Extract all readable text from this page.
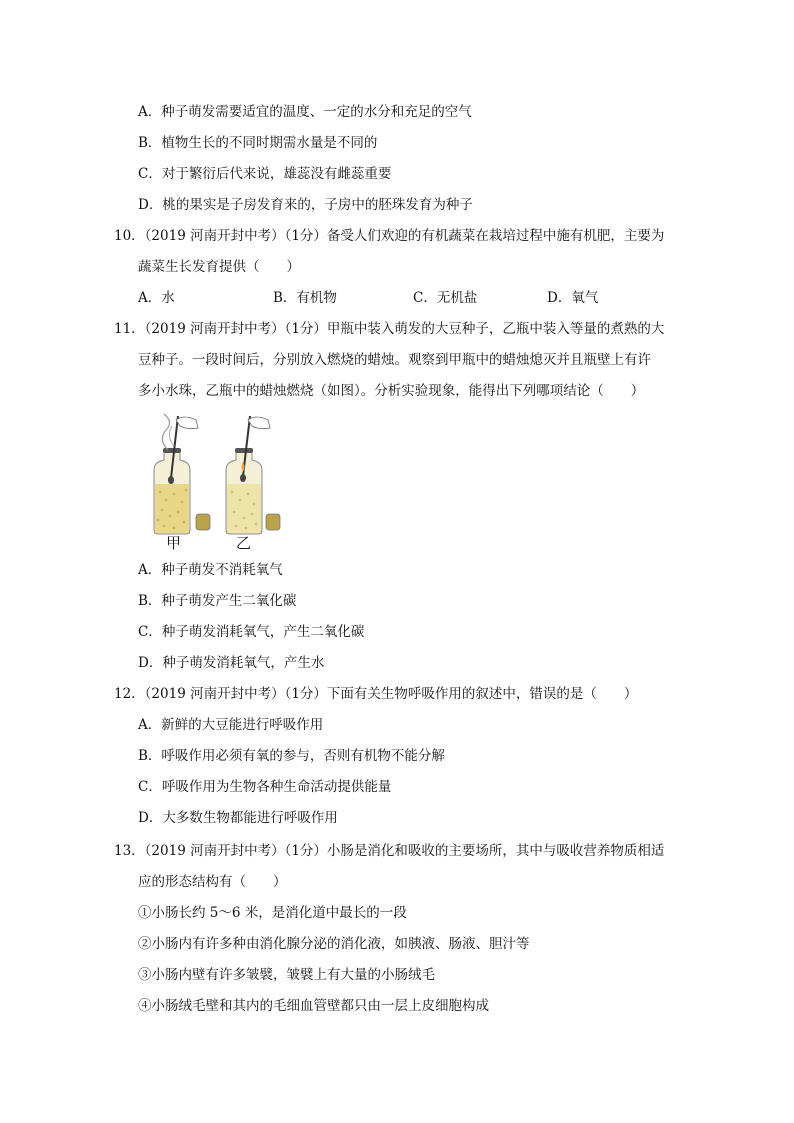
A．种子萌发需要适宜的温度、一定的水分和充足的空气
B．植物生长的不同时期需水量是不同的
C．对于繁衍后代来说，雄蕊没有雌蕊重要
D．桃的果实是子房发育来的，子房中的胚珠发育为种子
10．（2019 河南开封中考）（1分）备受人们欢迎的有机蔬菜在栽培过程中施有机肥，主要为
蔬菜生长发育提供（　　）
A．水	B．有机物	C．无机盐	D．氧气
11．（2019 河南开封中考）（1分）甲瓶中装入萌发的大豆种子，乙瓶中装入等量的煮熟的大
豆种子。一段时间后，分别放入燃烧的蜡烛。观察到甲瓶中的蜡烛熄灭并且瓶壁上有许
多小水珠，乙瓶中的蜡烛燃烧（如图）。分析实验现象，能得出下列哪项结论（　　）
甲	乙
A．种子萌发不消耗氧气
B．种子萌发产生二氧化碳
C．种子萌发消耗氧气，产生二氧化碳
D．种子萌发消耗氧气，产生水
12．（2019 河南开封中考）（1分）下面有关生物呼吸作用的叙述中，错误的是（　　）
A．新鲜的大豆能进行呼吸作用
B．呼吸作用必须有氧的参与，否则有机物不能分解
C．呼吸作用为生物各种生命活动提供能量
D．大多数生物都能进行呼吸作用
13．（2019 河南开封中考）（1分）小肠是消化和吸收的主要场所，其中与吸收营养物质相适
应的形态结构有（　　）
①小肠长约 5～6 米，是消化道中最长的一段
②小肠内有许多种由消化腺分泌的消化液，如胰液、肠液、胆汁等
③小肠内壁有许多皱襞，皱襞上有大量的小肠绒毛
④小肠绒毛壁和其内的毛细血管壁都只由一层上皮细胞构成
